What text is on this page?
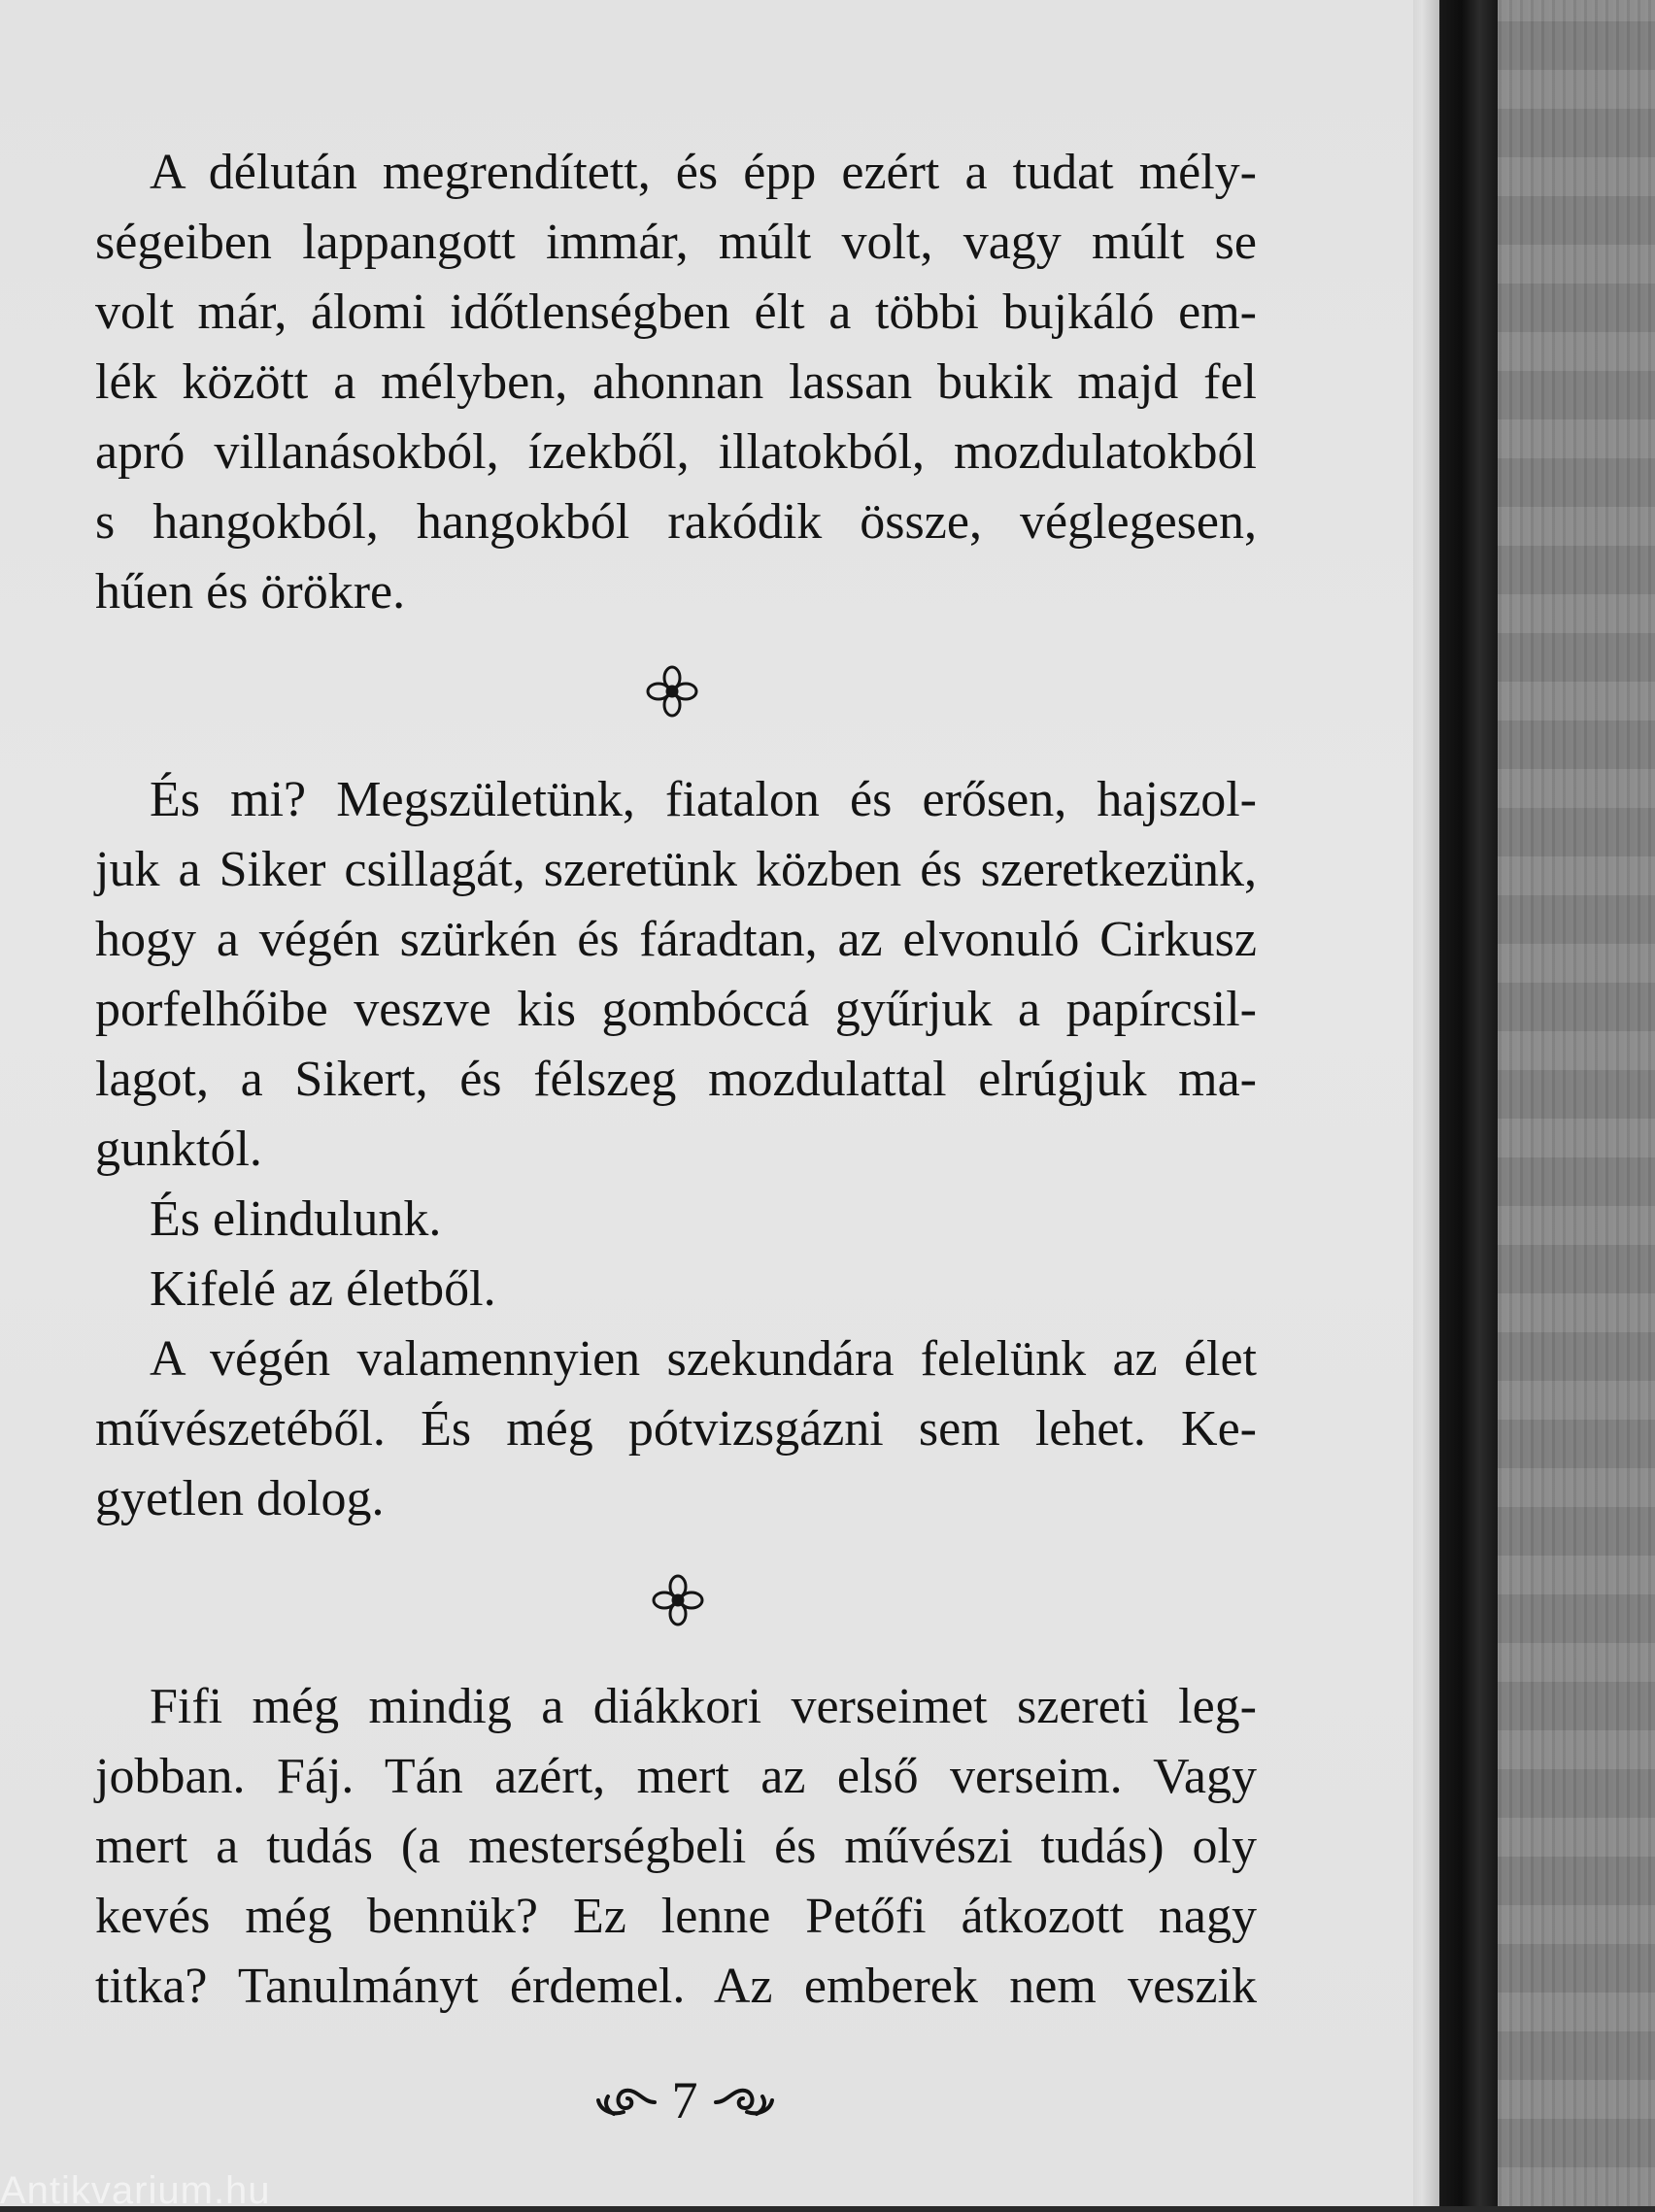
A délután megrendített, és épp ezért a tudat mély-
ségeiben lappangott immár, múlt volt, vagy múlt se
volt már, álomi időtlenségben élt a többi bujkáló em-
lék között a mélyben, ahonnan lassan bukik majd fel
apró villanásokból, ízekből, illatokból, mozdulatokból
s hangokból, hangokból rakódik össze, véglegesen,
hűen és örökre.
És mi? Megszületünk, fiatalon és erősen, hajszol-
juk a Siker csillagát, szeretünk közben és szeretkezünk,
hogy a végén szürkén és fáradtan, az elvonuló Cirkusz
porfelhőibe veszve kis gombóccá gyűrjuk a papírcsil-
lagot, a Sikert, és félszeg mozdulattal elrúgjuk ma-
gunktól.
És elindulunk.
Kifelé az életből.
A végén valamennyien szekundára felelünk az élet
művészetéből. És még pótvizsgázni sem lehet. Ke-
gyetlen dolog.
Fifi még mindig a diákkori verseimet szereti leg-
jobban. Fáj. Tán azért, mert az első verseim. Vagy
mert a tudás (a mesterségbeli és művészi tudás) oly
kevés még bennük? Ez lenne Petőfi átkozott nagy
titka? Tanulmányt érdemel. Az emberek nem veszik
7
Antikvarium.hu
